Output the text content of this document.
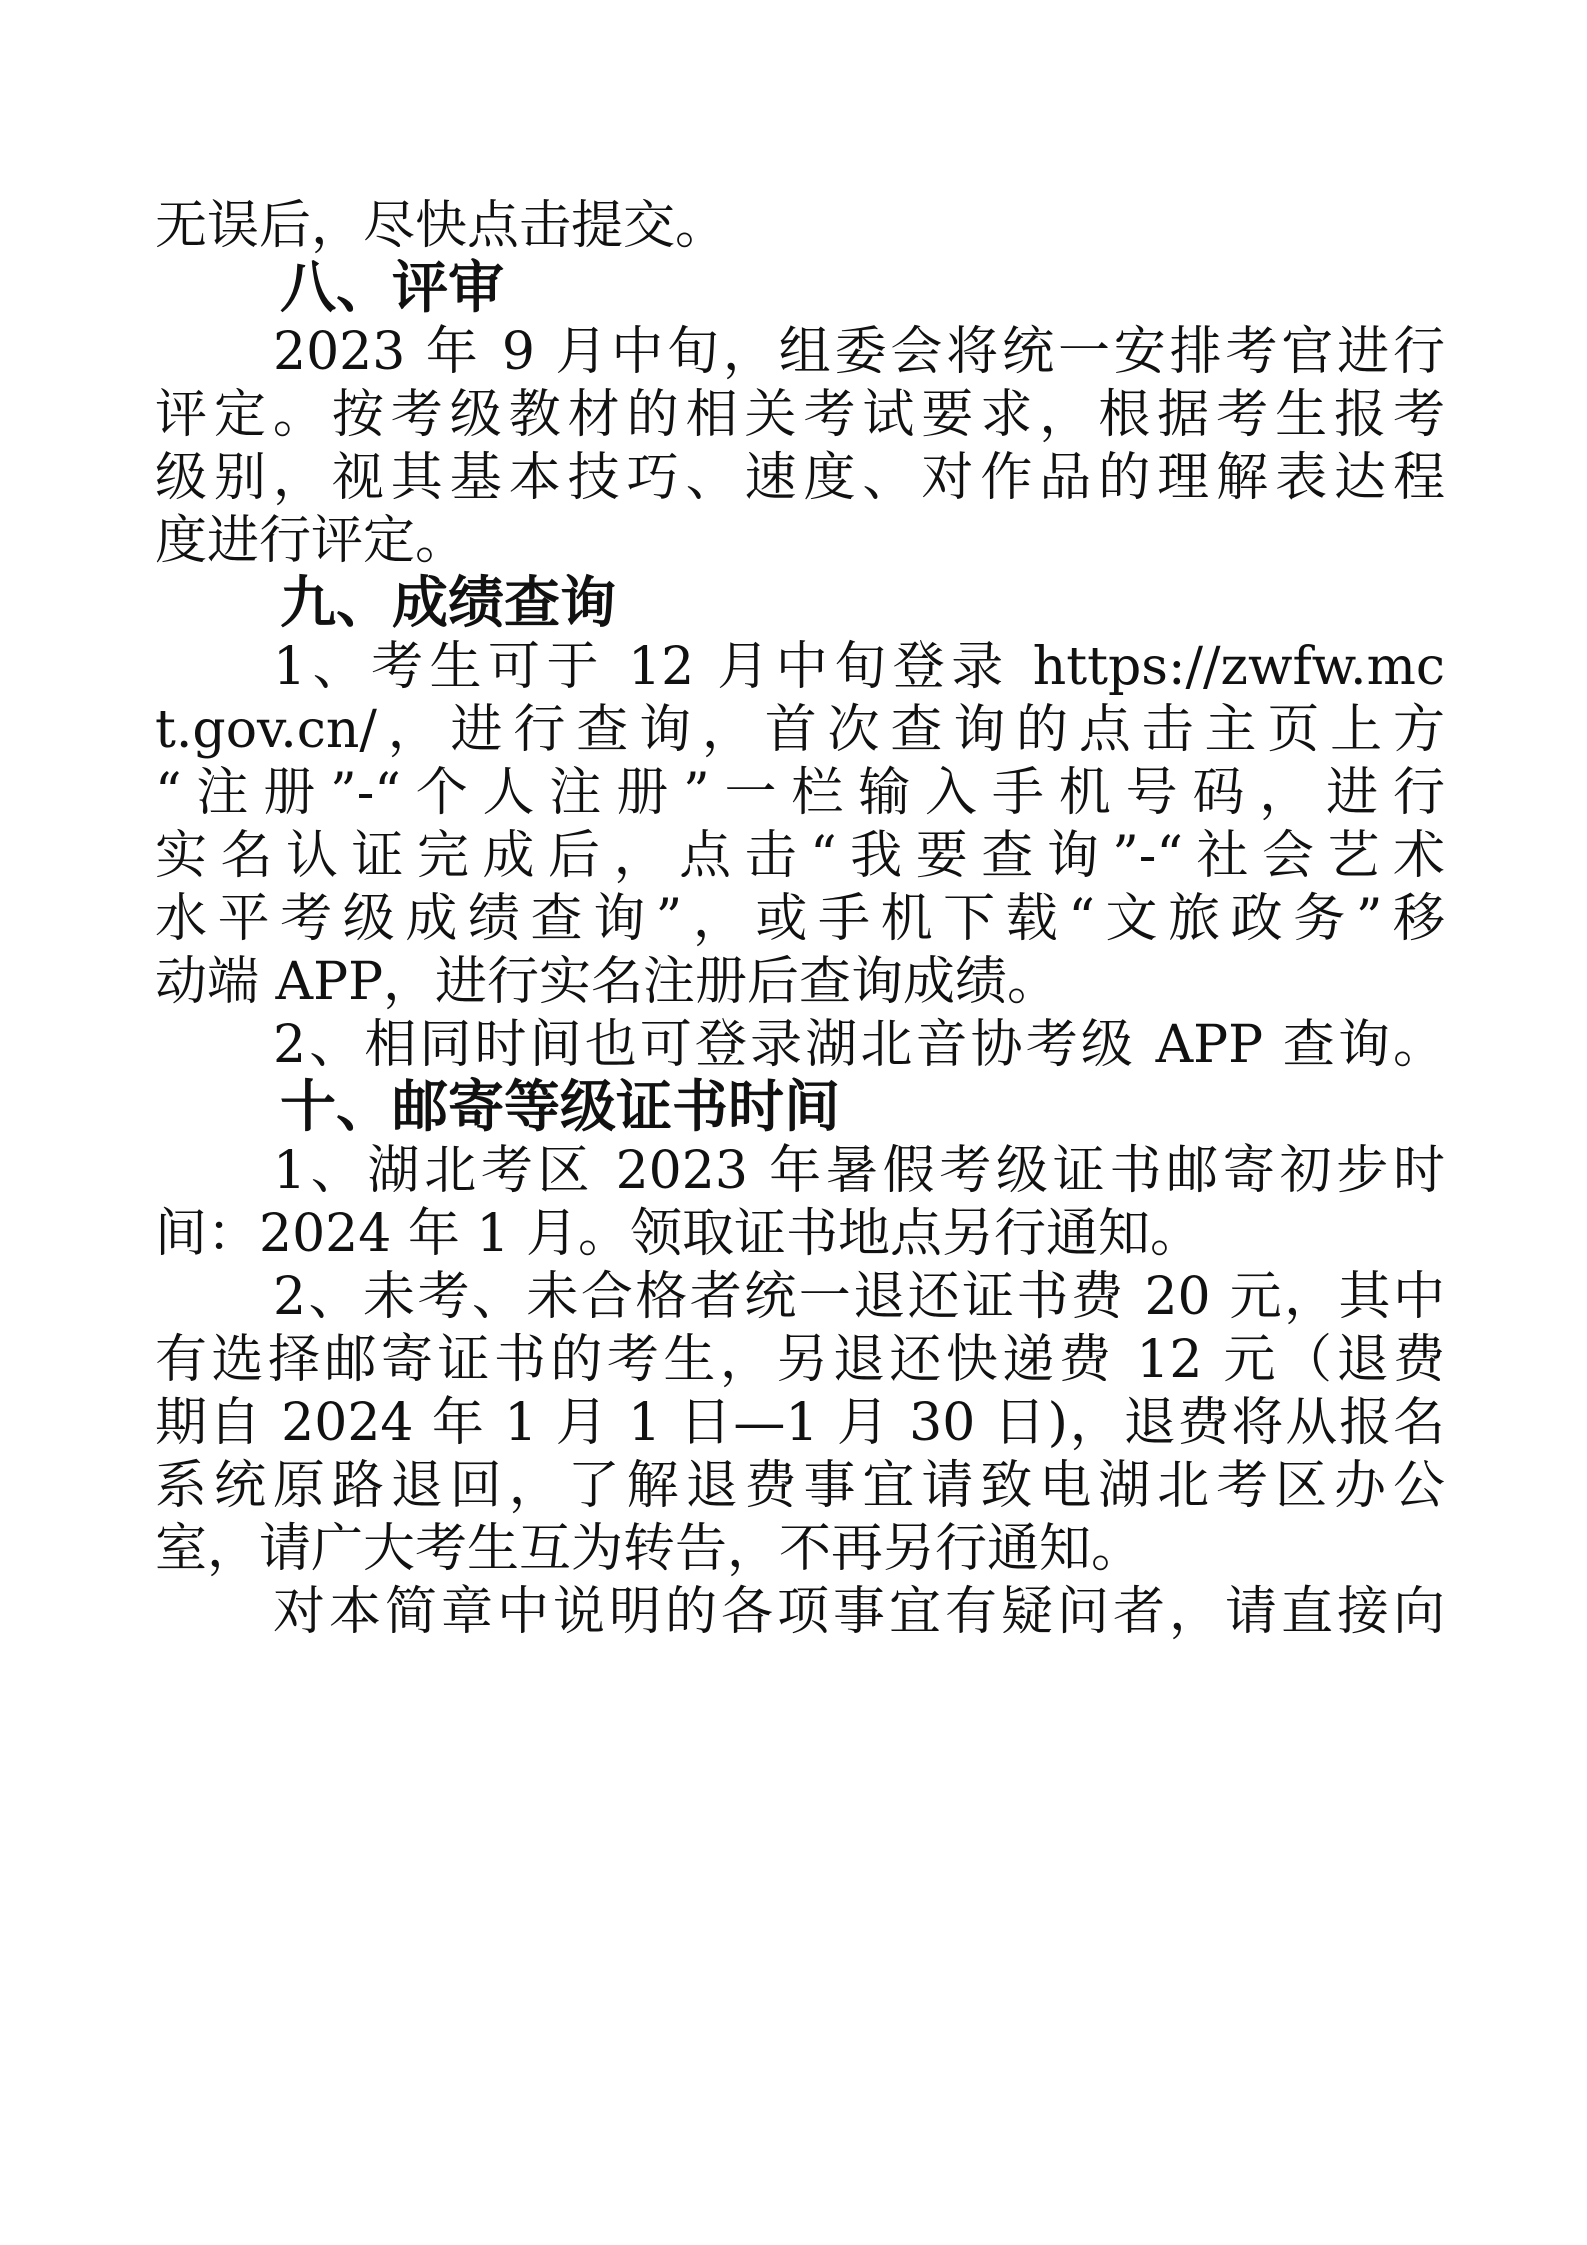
无误后，尽快点击提交。
八、评审
2023 年 9 月中旬，组委会将统一安排考官进行
评定。按考级教材的相关考试要求，根据考生报考
级别，视其基本技巧、速度、对作品的理解表达程
度进行评定。
九、成绩查询
1、考生可于 12 月中旬登录 https://zwfw.mc
t.gov.cn/，进行查询，首次查询的点击主页上方
“注册”-“个人注册”一栏输入手机号码，进行
实名认证完成后，点击“我要查询”-“社会艺术
水平考级成绩查询”，或手机下载“文旅政务”移
动端 APP，进行实名注册后查询成绩。
2、相同时间也可登录湖北音协考级 APP 查询。
十、邮寄等级证书时间
1、湖北考区 2023 年暑假考级证书邮寄初步时
间：2024 年 1 月。领取证书地点另行通知。
2、未考、未合格者统一退还证书费 20 元，其中
有选择邮寄证书的考生，另退还快递费 12 元（退费
期自 2024 年 1 月 1 日—1 月 30 日)，退费将从报名
系统原路退回，了解退费事宜请致电湖北考区办公
室，请广大考生互为转告，不再另行通知。
对本简章中说明的各项事宜有疑问者，请直接向
